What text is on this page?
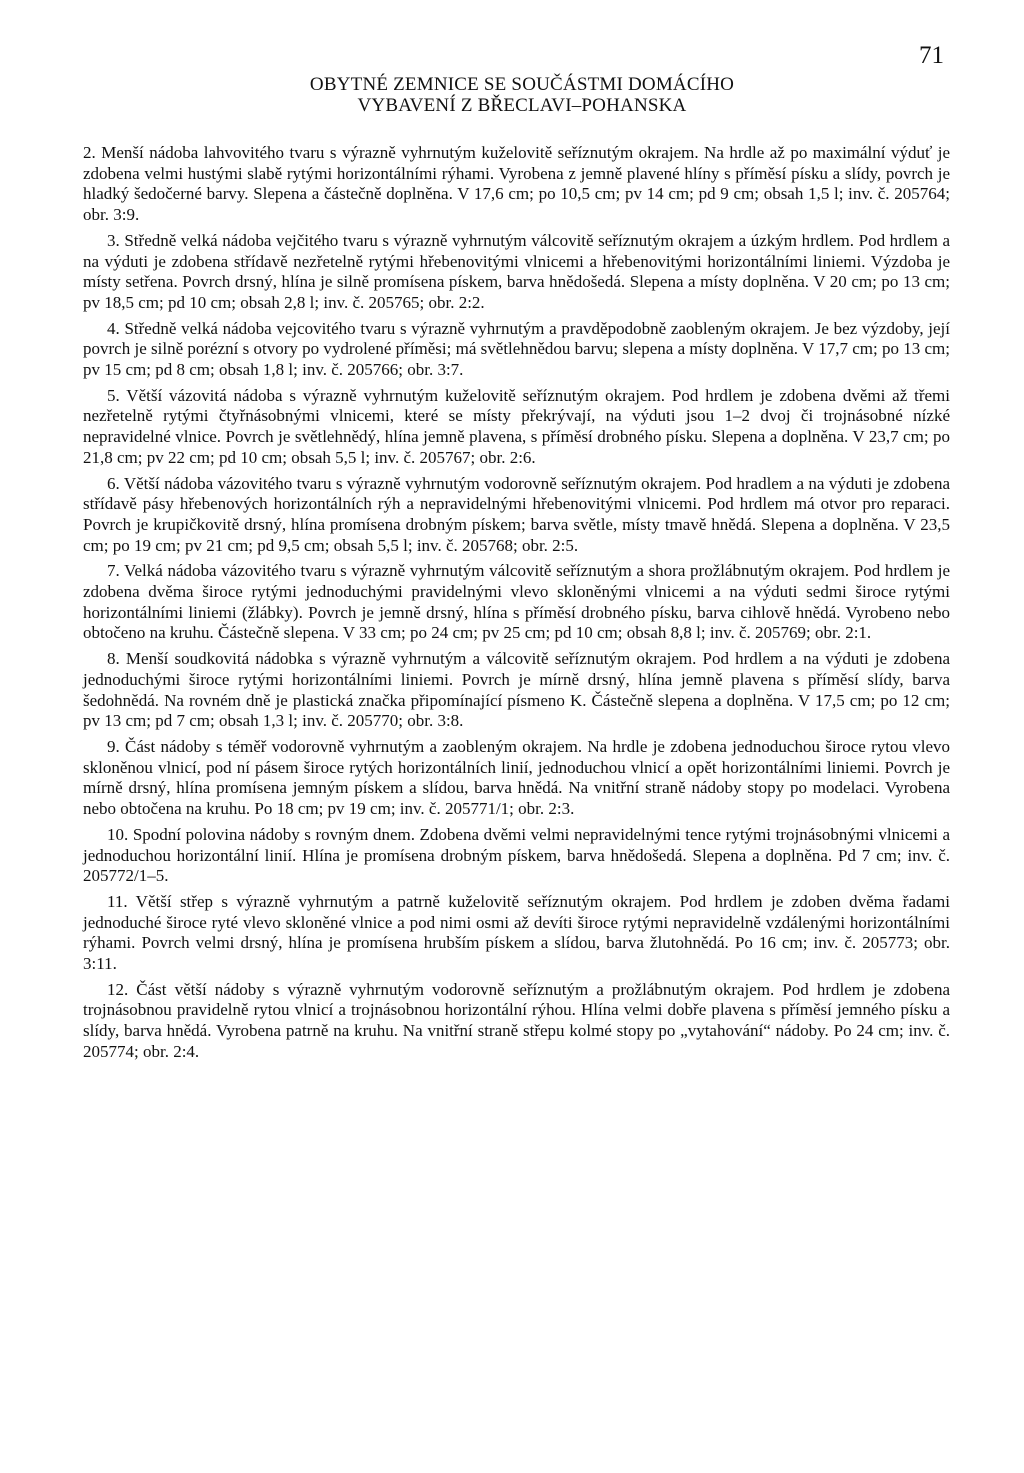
71
OBYTNÉ ZEMNICE SE SOUČÁSTMI DOMÁCÍHO
VYBAVENÍ Z BŘECLAVI–POHANSKA

2. Menší nádoba lahvovitého tvaru s výrazně vyhrnutým kuželovitě seříznutým okrajem. Na hrdle až po maximální výduť je zdobena velmi hustými slabě rytými horizontálními rýhami. Vyrobena z jemně plavené hlíny s příměsí písku a slídy, povrch je hladký šedočerné barvy. Slepena a částečně doplněna. V 17,6 cm; po 10,5 cm; pv 14 cm; pd 9 cm; obsah 1,5 l; inv. č. 205764; obr. 3:9.

3. Středně velká nádoba vejčitého tvaru s výrazně vyhrnutým válcovitě seříznutým okrajem a úzkým hrdlem. Pod hrdlem a na výduti je zdobena střídavě nezřetelně rytými hřebenovitými vlnicemi a hřebenovitými horizontálními liniemi. Výzdoba je místy setřena. Povrch drsný, hlína je silně promísena pískem, barva hnědošedá. Slepena a místy doplněna. V 20 cm; po 13 cm; pv 18,5 cm; pd 10 cm; obsah 2,8 l; inv. č. 205765; obr. 2:2.

4. Středně velká nádoba vejcovitého tvaru s výrazně vyhrnutým a pravděpodobně zaobleným okrajem. Je bez výzdoby, její povrch je silně porézní s otvory po vydrolené příměsi; má světlehnědou barvu; slepena a místy doplněna. V 17,7 cm; po 13 cm; pv 15 cm; pd 8 cm; obsah 1,8 l; inv. č. 205766; obr. 3:7.

5. Větší vázovitá nádoba s výrazně vyhrnutým kuželovitě seříznutým okrajem. Pod hrdlem je zdobena dvěmi až třemi nezřetelně rytými čtyřnásobnými vlnicemi, které se místy překrývají, na výduti jsou 1–2 dvoj či trojnásobné nízké nepravidelné vlnice. Povrch je světlehnědý, hlína jemně plavena, s příměsí drobného písku. Slepena a doplněna. V 23,7 cm; po 21,8 cm; pv 22 cm; pd 10 cm; obsah 5,5 l; inv. č. 205767; obr. 2:6.

6. Větší nádoba vázovitého tvaru s výrazně vyhrnutým vodorovně seříznutým okrajem. Pod hradlem a na výduti je zdobena střídavě pásy hřebenových horizontálních rýh a nepravidelnými hřebenovitými vlnicemi. Pod hrdlem má otvor pro reparaci. Povrch je krupičkovitě drsný, hlína promísena drobným pískem; barva světle, místy tmavě hnědá. Slepena a doplněna. V 23,5 cm; po 19 cm; pv 21 cm; pd 9,5 cm; obsah 5,5 l; inv. č. 205768; obr. 2:5.

7. Velká nádoba vázovitého tvaru s výrazně vyhrnutým válcovitě seříznutým a shora prožlábnutým okrajem. Pod hrdlem je zdobena dvěma široce rytými jednoduchými pravidelnými vlevo skloněnými vlnicemi a na výduti sedmi široce rytými horizontálními liniemi (žlábky). Povrch je jemně drsný, hlína s příměsí drobného písku, barva cihlově hnědá. Vyrobeno nebo obtočeno na kruhu. Částečně slepena. V 33 cm; po 24 cm; pv 25 cm; pd 10 cm; obsah 8,8 l; inv. č. 205769; obr. 2:1.

8. Menší soudkovitá nádobka s výrazně vyhrnutým a válcovitě seříznutým okrajem. Pod hrdlem a na výduti je zdobena jednoduchými široce rytými horizontálními liniemi. Povrch je mírně drsný, hlína jemně plavena s příměsí slídy, barva šedohnědá. Na rovném dně je plastická značka připomínající písmeno K. Částečně slepena a doplněna. V 17,5 cm; po 12 cm; pv 13 cm; pd 7 cm; obsah 1,3 l; inv. č. 205770; obr. 3:8.

9. Část nádoby s téměř vodorovně vyhrnutým a zaobleným okrajem. Na hrdle je zdobena jednoduchou široce rytou vlevo skloněnou vlnicí, pod ní pásem široce rytých horizontálních linií, jednoduchou vlnicí a opět horizontálními liniemi. Povrch je mírně drsný, hlína promísena jemným pískem a slídou, barva hnědá. Na vnitřní straně nádoby stopy po modelaci. Vyrobena nebo obtočena na kruhu. Po 18 cm; pv 19 cm; inv. č. 205771/1; obr. 2:3.

10. Spodní polovina nádoby s rovným dnem. Zdobena dvěmi velmi nepravidelnými tence rytými trojnásobnými vlnicemi a jednoduchou horizontální linií. Hlína je promísena drobným pískem, barva hnědošedá. Slepena a doplněna. Pd 7 cm; inv. č. 205772/1–5.

11. Větší střep s výrazně vyhrnutým a patrně kuželovitě seříznutým okrajem. Pod hrdlem je zdoben dvěma řadami jednoduché široce ryté vlevo skloněné vlnice a pod nimi osmi až devíti široce rytými nepravidelně vzdálenými horizontálními rýhami. Povrch velmi drsný, hlína je promísena hrubším pískem a slídou, barva žlutohnědá. Po 16 cm; inv. č. 205773; obr. 3:11.

12. Část větší nádoby s výrazně vyhrnutým vodorovně seříznutým a prožlábnutým okrajem. Pod hrdlem je zdobena trojnásobnou pravidelně rytou vlnicí a trojnásobnou horizontální rýhou. Hlína velmi dobře plavena s příměsí jemného písku a slídy, barva hnědá. Vyrobena patrně na kruhu. Na vnitřní straně střepu kolmé stopy po „vytahování“ nádoby. Po 24 cm; inv. č. 205774; obr. 2:4.
